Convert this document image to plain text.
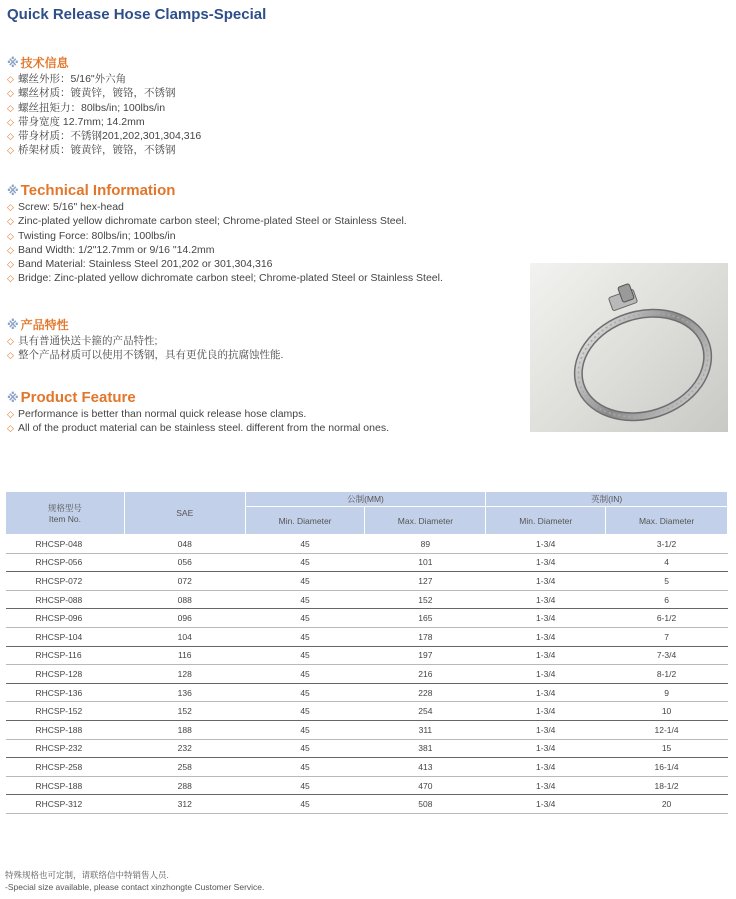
Quick Release Hose Clamps-Special
※ 技术信息
◇ 螺丝外形：5/16"外六角
◇ 螺丝材质：镀黄锌，镀铬，不锈钢
◇ 螺丝扭矩力：80lbs/in; 100lbs/in
◇ 带身宽度 12.7mm; 14.2mm
◇ 带身材质：不锈钢201,202,301,304,316
◇ 桥架材质：镀黄锌，镀铬，不锈钢
※ Technical Information
◇ Screw: 5/16" hex-head
◇ Zinc-plated yellow dichromate carbon steel; Chrome-plated Steel or Stainless Steel.
◇ Twisting Force: 80lbs/in; 100lbs/in
◇ Band Width: 1/2"12.7mm or 9/16 "14.2mm
◇ Band Material: Stainless Steel 201,202 or 301,304,316
◇ Bridge: Zinc-plated yellow dichromate carbon steel; Chrome-plated Steel or Stainless Steel.
※ 产品特性
◇ 具有普通快送卡箍的产品特性;
◇ 整个产品材质可以使用不锈钢，具有更优良的抗腐蚀性能.
※ Product Feature
◇ Performance is better than normal quick release hose clamps.
◇ All of the product material can be stainless steel. different from the normal ones.
规格型号
Item No.	SAE	公制(MM)		英制(IN)	
		Min. Diameter	Max. Diameter	Min. Diameter	Max. Diameter
RHCSP-048	048	45	89	1-3/4	3-1/2
RHCSP-056	056	45	101	1-3/4	4
RHCSP-072	072	45	127	1-3/4	5
RHCSP-088	088	45	152	1-3/4	6
RHCSP-096	096	45	165	1-3/4	6-1/2
RHCSP-104	104	45	178	1-3/4	7
RHCSP-116	116	45	197	1-3/4	7-3/4
RHCSP-128	128	45	216	1-3/4	8-1/2
RHCSP-136	136	45	228	1-3/4	9
RHCSP-152	152	45	254	1-3/4	10
RHCSP-188	188	45	311	1-3/4	12-1/4
RHCSP-232	232	45	381	1-3/4	15
RHCSP-258	258	45	413	1-3/4	16-1/4
RHCSP-188	288	45	470	1-3/4	18-1/2
RHCSP-312	312	45	508	1-3/4	20
特殊规格也可定制，请联络信中特销售人员.
-Special size available, please contact xinzhongte Customer Service.
